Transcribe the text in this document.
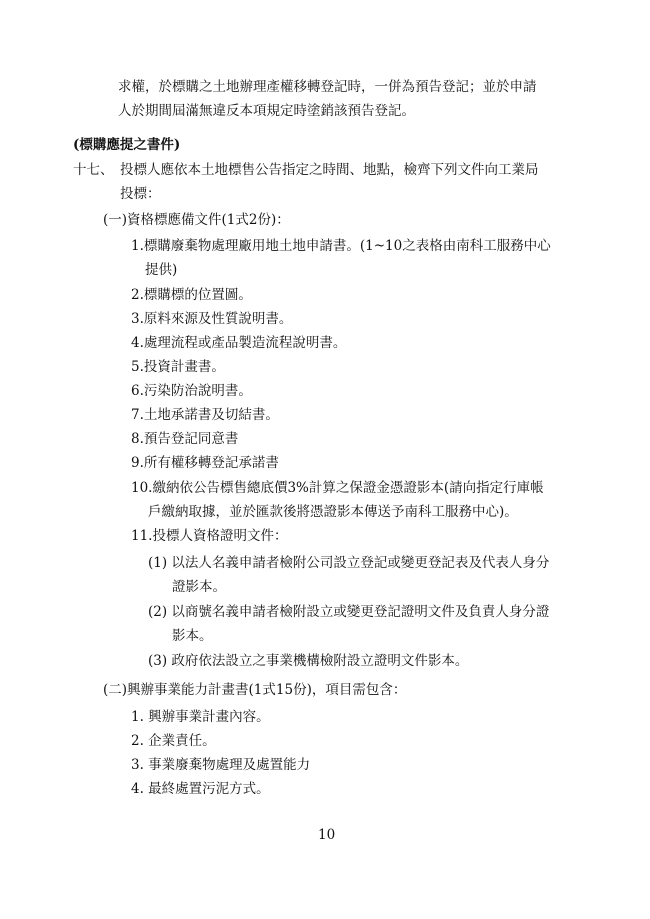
求權，於標購之土地辦理產權移轉登記時，一併為預告登記；並於申請
人於期間屆滿無違反本項規定時塗銷該預告登記。
(標購應提之書件)
十七、 投標人應依本土地標售公告指定之時間、地點，檢齊下列文件向工業局
投標：
(一)資格標應備文件(1式2份)：
1.標購廢棄物處理廠用地土地申請書。(1~10之表格由南科工服務中心
提供)
2.標購標的位置圖。
3.原料來源及性質說明書。
4.處理流程或產品製造流程說明書。
5.投資計畫書。
6.污染防治說明書。
7.土地承諾書及切結書。
8.預告登記同意書
9.所有權移轉登記承諾書
10.繳納依公告標售總底價3%計算之保證金憑證影本(請向指定行庫帳
戶繳納取據，並於匯款後將憑證影本傳送予南科工服務中心)。
11.投標人資格證明文件：
(1) 以法人名義申請者檢附公司設立登記或變更登記表及代表人身分
證影本。
(2) 以商號名義申請者檢附設立或變更登記證明文件及負責人身分證
影本。
(3) 政府依法設立之事業機構檢附設立證明文件影本。
(二)興辦事業能力計畫書(1式15份)，項目需包含：
1. 興辦事業計畫內容。
2. 企業責任。
3. 事業廢棄物處理及處置能力
4. 最終處置污泥方式。
10
